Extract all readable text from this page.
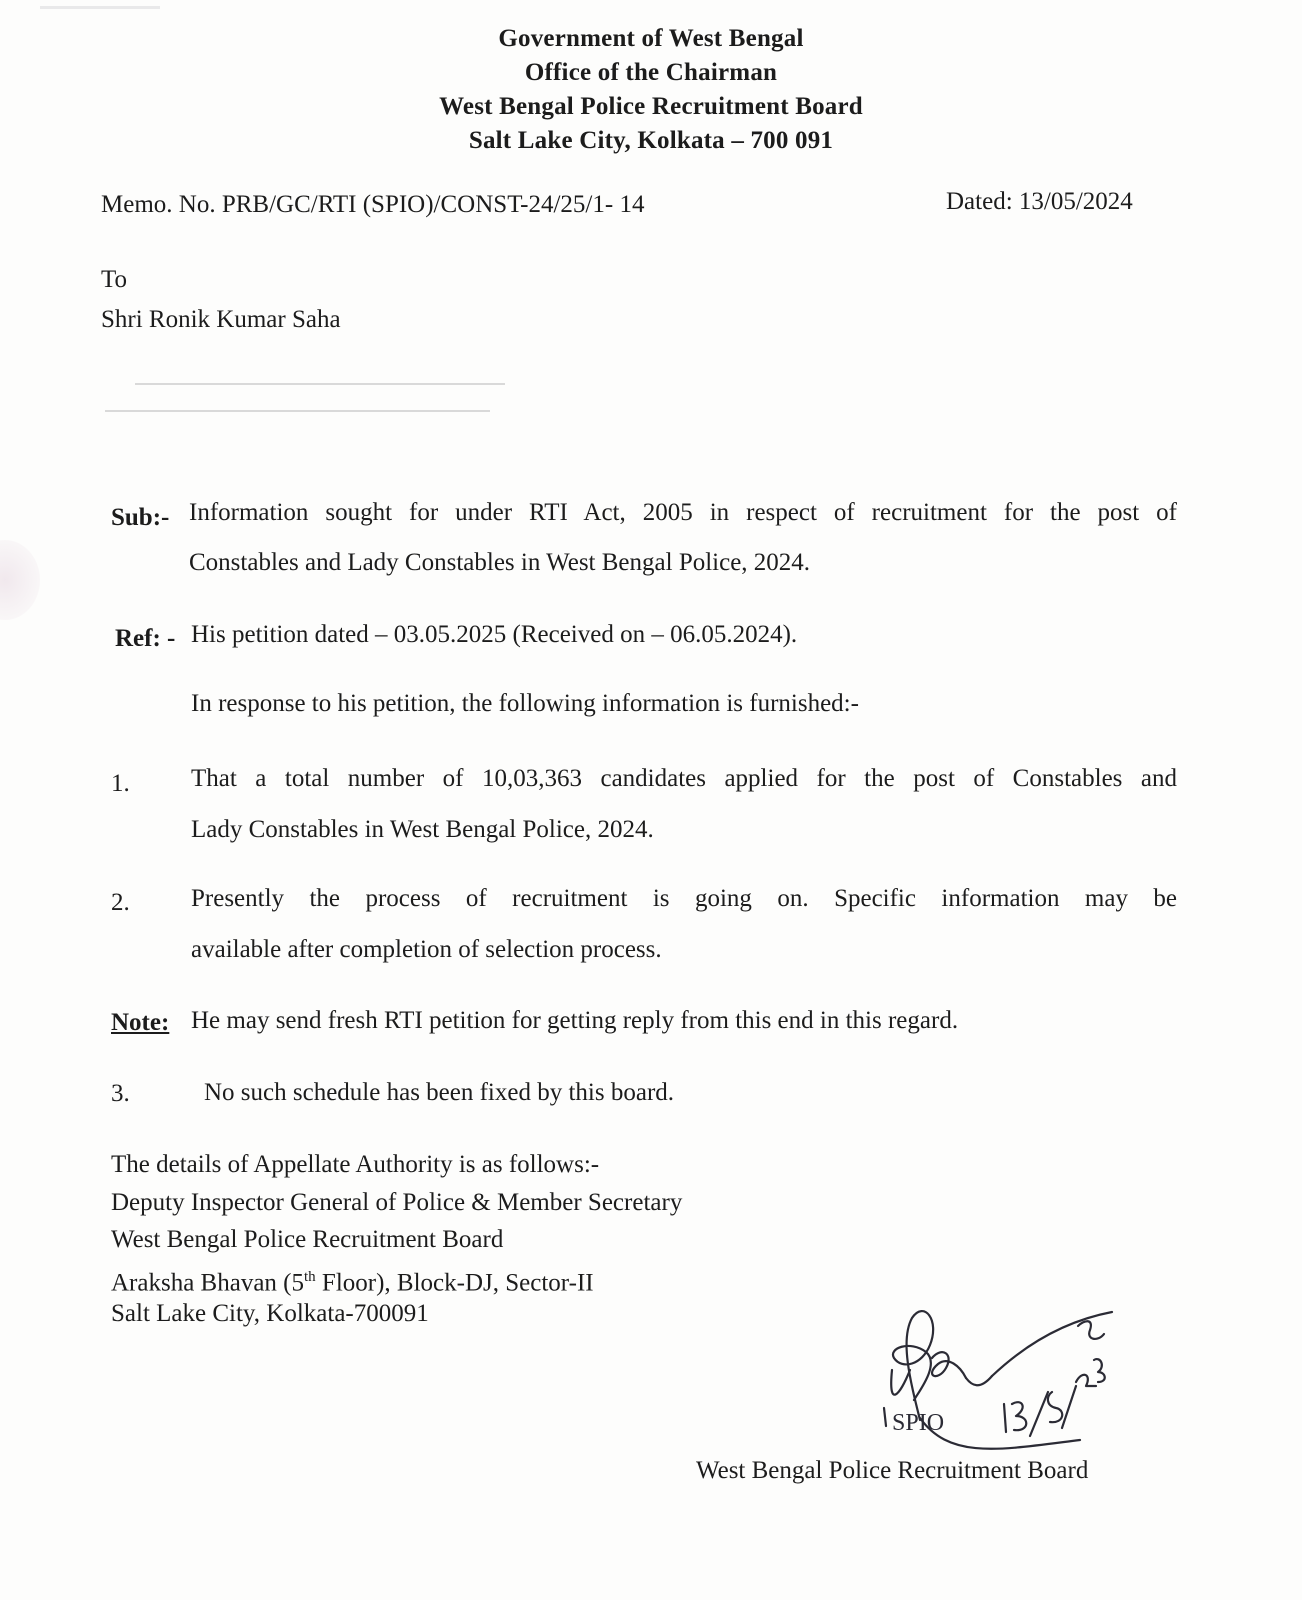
Government of West Bengal
Office of the Chairman
West Bengal Police Recruitment Board
Salt Lake City, Kolkata – 700 091
Memo. No. PRB/GC/RTI (SPIO)/CONST-24/25/1- 14	Dated: 13/05/2024
To
Shri Ronik Kumar Saha
Sub:- Information sought for under RTI Act, 2005 in respect of recruitment for the post of
Constables and Lady Constables in West Bengal Police, 2024.
Ref: - His petition dated – 03.05.2025 (Received on – 06.05.2024).
In response to his petition, the following information is furnished:-
1. That a total number of 10,03,363 candidates applied for the post of Constables and
Lady Constables in West Bengal Police, 2024.
2. Presently the process of recruitment is going on. Specific information may be
available after completion of selection process.
Note: He may send fresh RTI petition for getting reply from this end in this regard.
3.	No such schedule has been fixed by this board.
The details of Appellate Authority is as follows:-
Deputy Inspector General of Police & Member Secretary
West Bengal Police Recruitment Board
Araksha Bhavan (5th Floor), Block-DJ, Sector-II
Salt Lake City, Kolkata-700091
SPIO
West Bengal Police Recruitment Board
